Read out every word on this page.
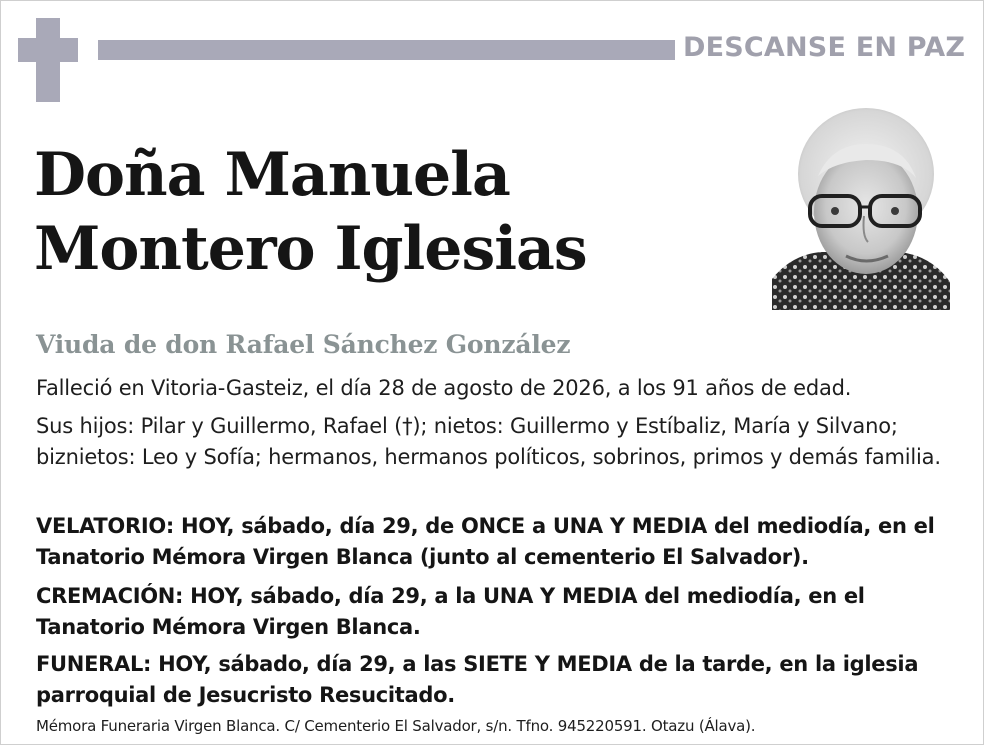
DESCANSE EN PAZ
Doña Manuela
Montero Iglesias
Viuda de don Rafael Sánchez González
Falleció en Vitoria-Gasteiz, el día 28 de agosto de 2026, a los 91 años de edad.
Sus hijos: Pilar y Guillermo, Rafael (†); nietos: Guillermo y Estíbaliz, María y Silvano; biznietos: Leo y Sofía; hermanos, hermanos políticos, sobrinos, primos y demás familia.
VELATORIO: HOY, sábado, día 29, de ONCE a UNA Y MEDIA del mediodía, en el Tanatorio Mémora Virgen Blanca (junto al cementerio El Salvador).
CREMACIÓN: HOY, sábado, día 29, a la UNA Y MEDIA del mediodía, en el Tanatorio Mémora Virgen Blanca.
FUNERAL: HOY, sábado, día 29, a las SIETE Y MEDIA de la tarde, en la iglesia parroquial de Jesucristo Resucitado.
Mémora Funeraria Virgen Blanca. C/ Cementerio El Salvador, s/n. Tfno. 945220591. Otazu (Álava).
